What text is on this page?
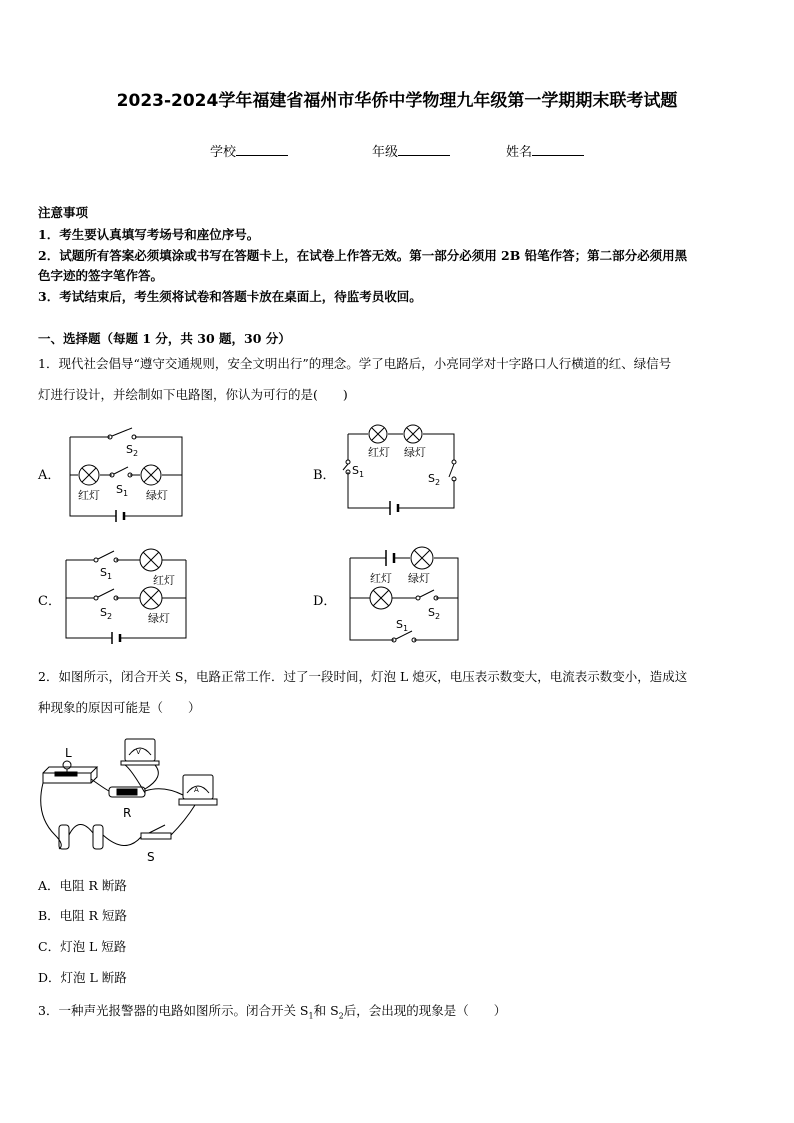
2023-2024学年福建省福州市华侨中学物理九年级第一学期期末联考试题
学校	年级	姓名
注意事项
1．考生要认真填写考场号和座位序号。
2．试题所有答案必须填涂或书写在答题卡上，在试卷上作答无效。第一部分必须用 2B 铅笔作答；第二部分必须用黑
色字迹的签字笔作答。
3．考试结束后，考生须将试卷和答题卡放在桌面上，待监考员收回。
一、选择题（每题 1 分，共 30 题，30 分）
1．现代社会倡导“遵守交通规则，安全文明出行”的理念。学了电路后，小亮同学对十字路口人行横道的红、绿信号
灯进行设计，并绘制如下电路图，你认为可行的是(　　)
A．	B．
C．	D．
$S_2$
红灯 $S_1$ 绿灯
红灯 绿灯
$S_1$	$S_2$
$S_1$	红灯
$S_2$	绿灯
红灯 绿灯
$S_2$
$S_1$
2．如图所示，闭合开关 S，电路正常工作．过了一段时间，灯泡 L 熄灭，电压表示数变大，电流表示数变小，造成这
种现象的原因可能是（　　）
L	V
A
R
S
A．电阻 R 断路
B．电阻 R 短路
C．灯泡 L 短路
D．灯泡 L 断路
3．一种声光报警器的电路如图所示。闭合开关 $S_1$和 $S_2$后，会出现的现象是（　　）
